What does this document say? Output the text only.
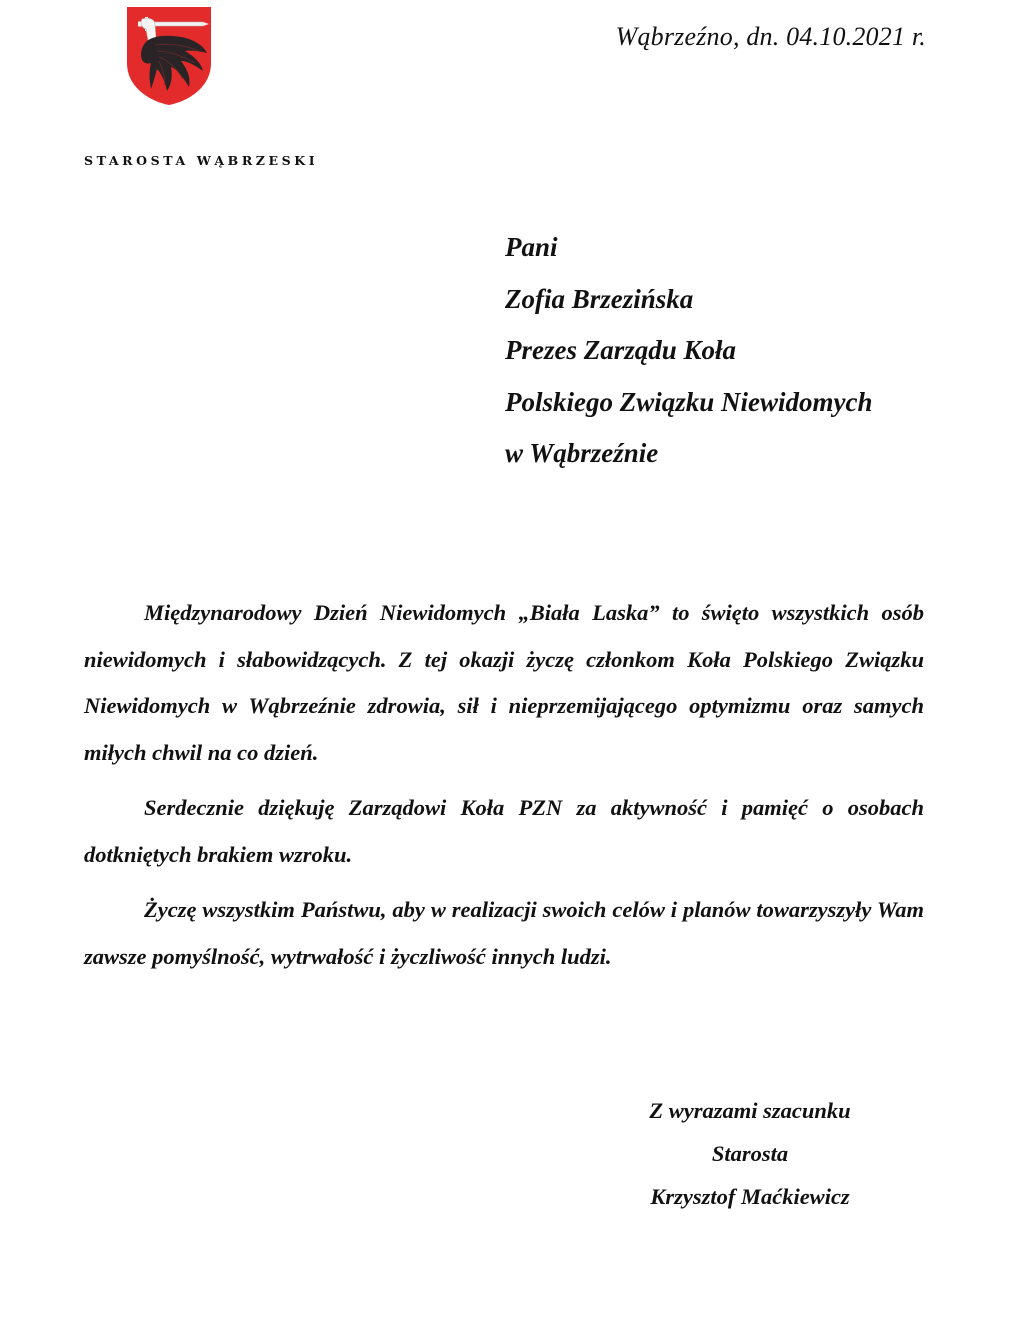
Wąbrzeźno, dn. 04.10.2021 r.
STAROSTA WĄBRZESKI
Pani
Zofia Brzezińska
Prezes Zarządu Koła
Polskiego Związku Niewidomych
w Wąbrzeźnie

Międzynarodowy Dzień Niewidomych „Biała Laska” to święto wszystkich osób niewidomych i słabowidzących. Z tej okazji życzę członkom Koła Polskiego Związku Niewidomych w Wąbrzeźnie zdrowia, sił i nieprzemijającego optymizmu oraz samych miłych chwil na co dzień.

Serdecznie dziękuję Zarządowi Koła PZN za aktywność i pamięć o osobach dotkniętych brakiem wzroku.

Życzę wszystkim Państwu, aby w realizacji swoich celów i planów towarzyszyły Wam zawsze pomyślność, wytrwałość i życzliwość innych ludzi.

Z wyrazami szacunku
Starosta
Krzysztof Maćkiewicz
